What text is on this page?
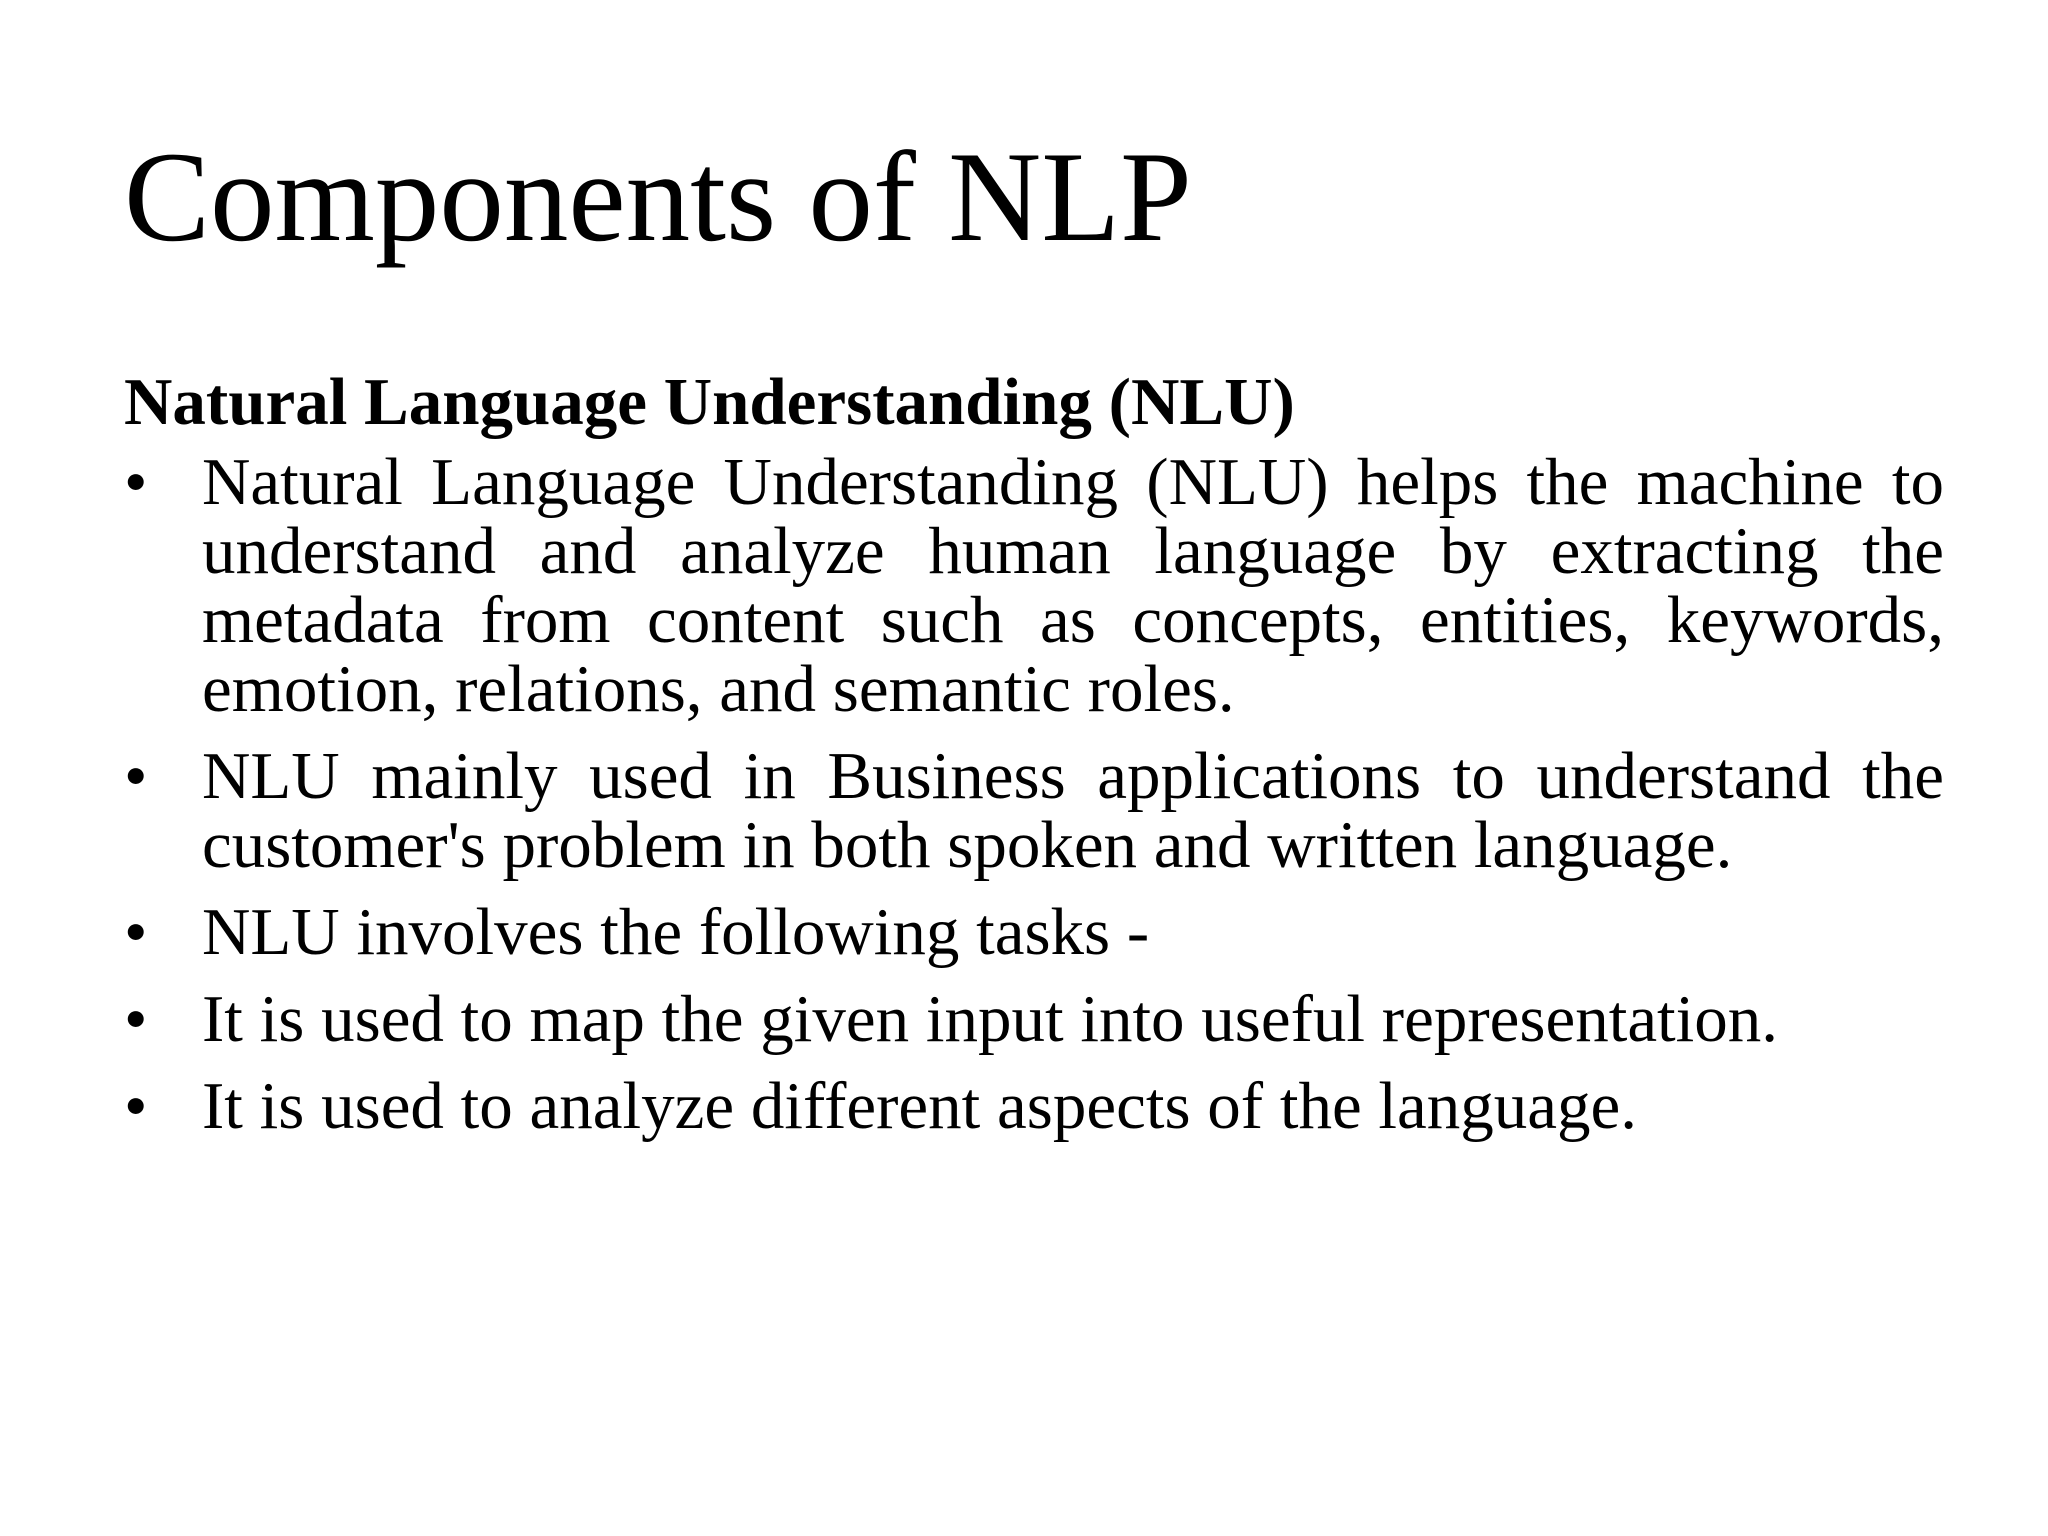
Components of NLP
Natural Language Understanding (NLU)
• Natural Language Understanding (NLU) helps the machine to understand and analyze human language by extracting the metadata from content such as concepts, entities, keywords, emotion, relations, and semantic roles.
• NLU mainly used in Business applications to understand the customer's problem in both spoken and written language.
• NLU involves the following tasks -
• It is used to map the given input into useful representation.
• It is used to analyze different aspects of the language.
